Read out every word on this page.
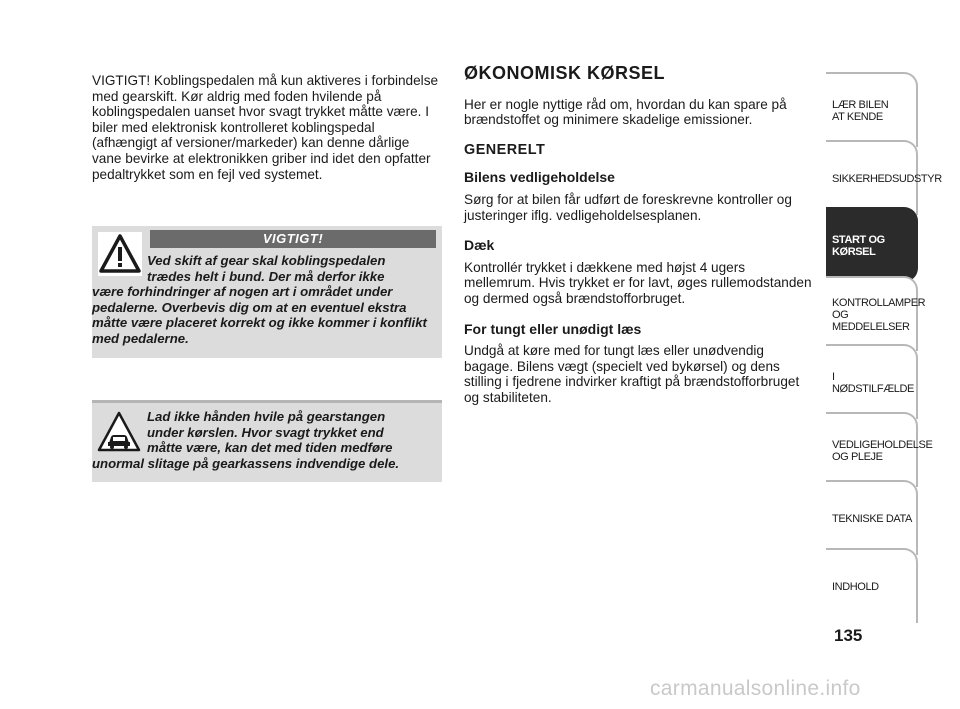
VIGTIGT! Koblingspedalen må kun aktiveres i forbindelse med gearskift. Kør aldrig med foden hvilende på koblingspedalen uanset hvor svagt trykket måtte være. I biler med elektronisk kontrolleret koblingspedal (afhængigt af versioner/markeder) kan denne dårlige vane bevirke at elektronikken griber ind idet den opfatter pedaltrykket som en fejl ved systemet.
VIGTIGT!
Ved skift af gear skal koblingspedalen
trædes helt i bund. Der må derfor ikke
være forhindringer af nogen art i området under pedalerne. Overbevis dig om at en eventuel ekstra måtte være placeret korrekt og ikke kommer i konflikt med pedalerne.
Lad ikke hånden hvile på gearstangen
under kørslen. Hvor svagt trykket end
måtte være, kan det med tiden medføre
unormal slitage på gearkassens indvendige dele.
ØKONOMISK KØRSEL

Her er nogle nyttige råd om, hvordan du kan spare på brændstoffet og minimere skadelige emissioner.

GENERELT
Bilens vedligeholdelse

Sørg for at bilen får udført de foreskrevne kontroller og justeringer iflg. vedligeholdelsesplanen.

Dæk

Kontrollér trykket i dækkene med højst 4 ugers mellemrum. Hvis trykket er for lavt, øges rullemodstanden og dermed også brændstofforbruget.

For tungt eller unødigt læs

Undgå at køre med for tungt læs eller unødvendig bagage. Bilens vægt (specielt ved bykørsel) og dens stilling i fjedrene indvirker kraftigt på brændstofforbruget og stabiliteten.

LÆR BILEN
AT KENDE
SIKKERHEDSUDSTYR
START OG KØRSEL
KONTROLLAMPER
OG MEDDELELSER
I NØDSTILFÆLDE
VEDLIGEHOLDELSE
OG PLEJE
TEKNISKE DATA
INDHOLD
135
carmanualsonline.info
